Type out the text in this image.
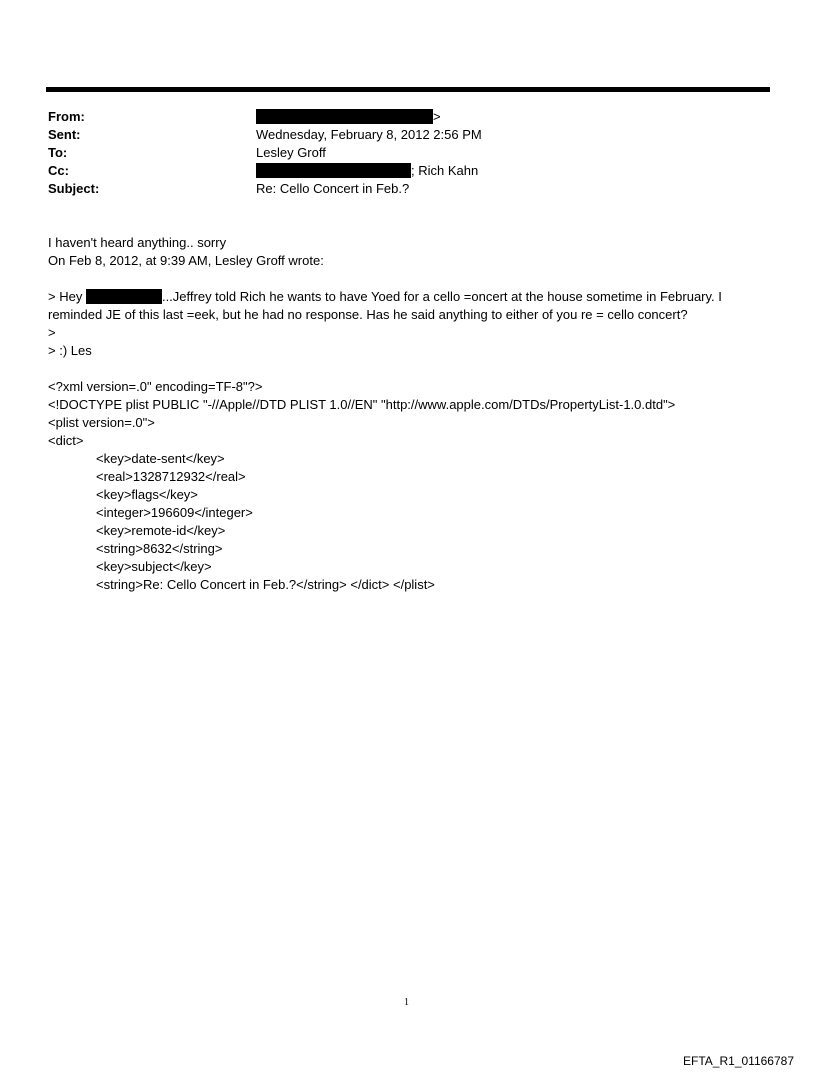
From:	>
Sent:	Wednesday, February 8, 2012 2:56 PM
To:	Lesley Groff
Cc:	; Rich Kahn
Subject:	Re: Cello Concert in Feb.?
I haven't heard anything.. sorry
On Feb 8, 2012, at 9:39 AM, Lesley Groff wrote:
> Hey	...Jeffrey told Rich he wants to have Yoed for a cello =oncert at the house sometime in February. I
reminded JE of this last =eek, but he had no response. Has he said anything to either of you re = cello concert?
>
> :) Les
<?xml version=.0" encoding=TF-8"?>
<!DOCTYPE plist PUBLIC "-//Apple//DTD PLIST 1.0//EN" "http://www.apple.com/DTDs/PropertyList-1.0.dtd">
<plist version=.0">
<dict>
<key>date-sent</key>
<real>1328712932</real>
<key>flags</key>
<integer>196609</integer>
<key>remote-id</key>
<string>8632</string>
<key>subject</key>
<string>Re: Cello Concert in Feb.?</string> </dict> </plist>
1
EFTA_R1_01166787
